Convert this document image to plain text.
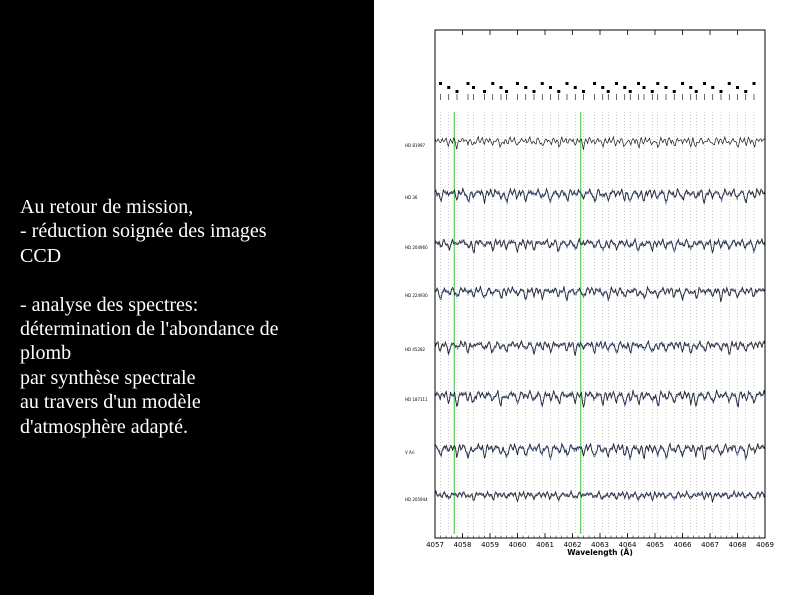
Au retour de mission,
- réduction soignée des images
CCD
- analyse des spectres:
détermination de l'abondance de
plomb
par synthèse spectrale
au travers d'un modèle
d'atmosphère adapté.
HD 81997
HD 36
HD 204960
HD 224930
HD 45282
HD 187111
V Ari
HD 205944
4057 4058 4059 4060 4061 4062 4063 4064 4065 4066 4067 4068 4069
Wavelength (Å)
